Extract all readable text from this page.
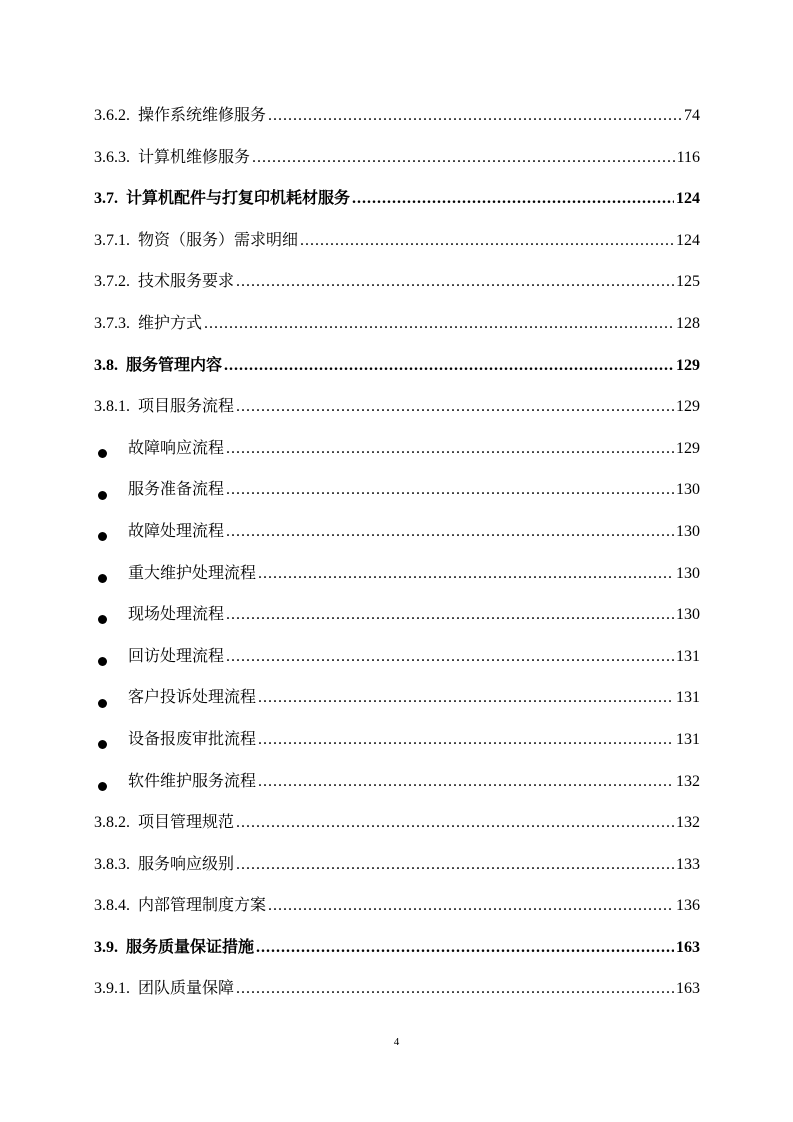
3.6.2. 操作系统维修服务 .....	74
3.6.3. 计算机维修服务 .....	116
3.7. 计算机配件与打复印机耗材服务 .....	124
3.7.1. 物资（服务）需求明细 .....	124
3.7.2. 技术服务要求 .....	125
3.7.3. 维护方式 .....	128
3.8. 服务管理内容 .....	129
3.8.1. 项目服务流程 .....	129
故障响应流程 .....	129
服务准备流程 .....	130
故障处理流程 .....	130
重大维护处理流程 .....	130
现场处理流程 .....	130
回访处理流程 .....	131
客户投诉处理流程 .....	131
设备报废审批流程 .....	131
软件维护服务流程 .....	132
3.8.2. 项目管理规范 .....	132
3.8.3. 服务响应级别 .....	133
3.8.4. 内部管理制度方案 .....	136
3.9. 服务质量保证措施 .....	163
3.9.1. 团队质量保障 .....	163
4
